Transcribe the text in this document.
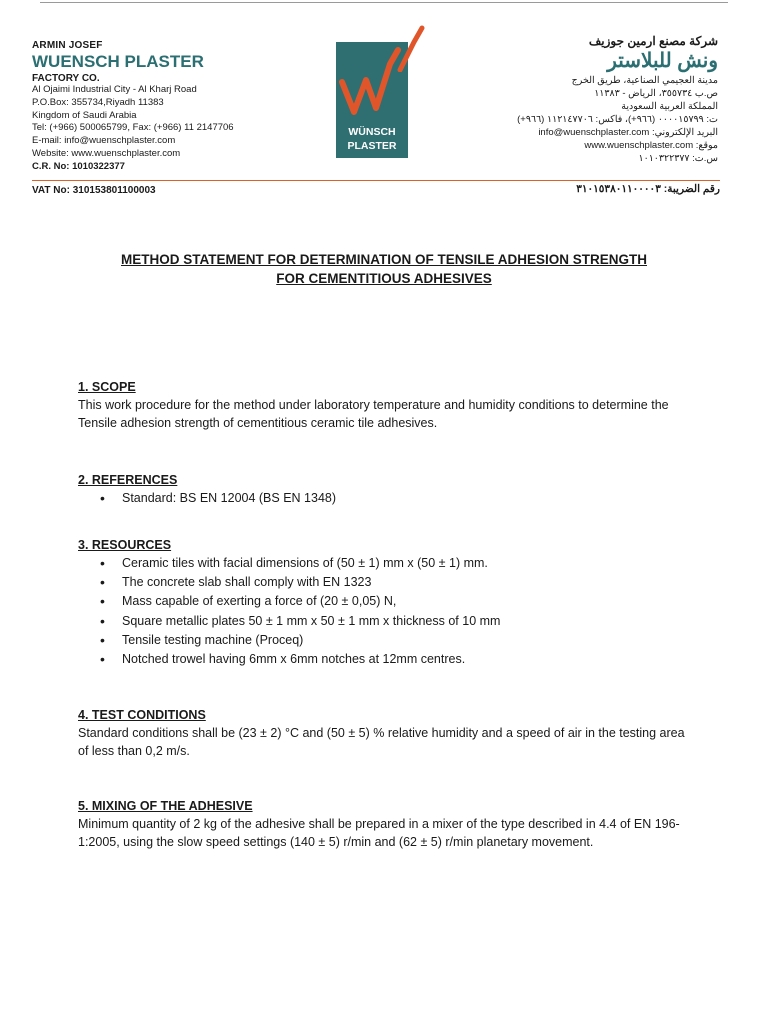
ARMIN JOSEF
WUENSCH PLASTER
FACTORY CO.
Al Ojaimi Industrial City - Al Kharj Road
P.O.Box: 355734,Riyadh 11383
Kingdom of Saudi Arabia
Tel: (+966) 500065799, Fax: (+966) 11 2147706
E-mail: info@wuenschplaster.com
Website: www.wuenschplaster.com
C.R. No: 1010322377
VAT No: 310153801100003
WÜNSCH
PLASTER
شركة مصنع ارمين جوزيف
ونش للبلاستر
مدينة العجيمي الصناعية، طريق الخرج
ص.ب ٣٥٥٧٣٤، الرياض - ١١٣٨٣
المملكة العربية السعودية
ت: ٠٠٠٠١٥٧٩٩ (٩٦٦+)، فاكس: ١١٢١٤٧٧٠٦ (٩٦٦+)
البريد الإلكتروني: info@wuenschplaster.com
موقع: www.wuenschplaster.com
س.ت: ١٠١٠٣٢٢٣٧٧
رقم الضريبة: ٣١٠١٥٣٨٠١١٠٠٠٠٣
METHOD STATEMENT FOR DETERMINATION OF TENSILE ADHESION STRENGTH
FOR CEMENTITIOUS ADHESIVES
1. SCOPE

This work procedure for the method under laboratory temperature and humidity conditions to determine the Tensile adhesion strength of cementitious ceramic tile adhesives.

2. REFERENCES
• Standard: BS EN 12004 (BS EN 1348)
3. RESOURCES
• Ceramic tiles with facial dimensions of (50 ± 1) mm x (50 ± 1) mm.
• The concrete slab shall comply with EN 1323
• Mass capable of exerting a force of (20 ± 0,05) N,
• Square metallic plates 50 ± 1 mm x 50 ± 1 mm x thickness of 10 mm
• Tensile testing machine (Proceq)
• Notched trowel having 6mm x 6mm notches at 12mm centres.
4. TEST CONDITIONS

Standard conditions shall be (23 ± 2) °C and (50 ± 5) % relative humidity and a speed of air in the testing area of less than 0,2 m/s.

5. MIXING OF THE ADHESIVE

Minimum quantity of 2 kg of the adhesive shall be prepared in a mixer of the type described in 4.4 of EN 196-1:2005, using the slow speed settings (140 ± 5) r/min and (62 ± 5) r/min planetary movement.
